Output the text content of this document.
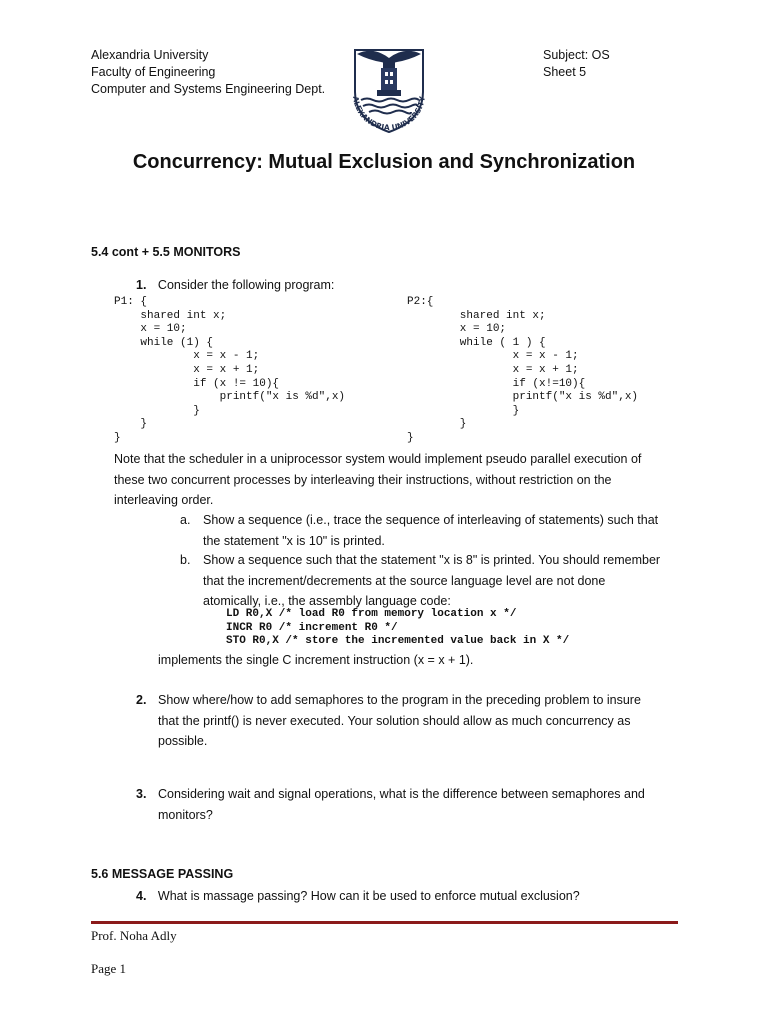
Alexandria University
Faculty of Engineering
Computer and Systems Engineering Dept.
ALEXANDRIA UNIVERSITY
Subject: OS
Sheet 5
Concurrency: Mutual Exclusion and Synchronization
5.4 cont + 5.5 MONITORS
1. Consider the following program:
P1: {
shared int x;
x = 10;
while (1) {
x = x - 1;
x = x + 1;
if (x != 10){
printf("x is %d",x)
}
}
}
P2:{
shared int x;
x = 10;
while ( 1 ) {
x = x - 1;
x = x + 1;
if (x!=10){
printf("x is %d",x)
}
}
}
Note that the scheduler in a uniprocessor system would implement pseudo parallel execution of
these two concurrent processes by interleaving their instructions, without restriction on the
interleaving order.
a. Show a sequence (i.e., trace the sequence of interleaving of statements) such that
the statement "x is 10" is printed.
b. Show a sequence such that the statement "x is 8" is printed. You should remember
that the increment/decrements at the source language level are not done
atomically, i.e., the assembly language code:
LD R0,X /* load R0 from memory location x */
INCR R0 /* increment R0 */
STO R0,X /* store the incremented value back in X */
implements the single C increment instruction (x = x + 1).
2. Show where/how to add semaphores to the program in the preceding problem to insure
that the printf() is never executed. Your solution should allow as much concurrency as
possible.
3. Considering wait and signal operations, what is the difference between semaphores and
monitors?
5.6 MESSAGE PASSING
4. What is massage passing? How can it be used to enforce mutual exclusion?
Prof. Noha Adly
Page 1
